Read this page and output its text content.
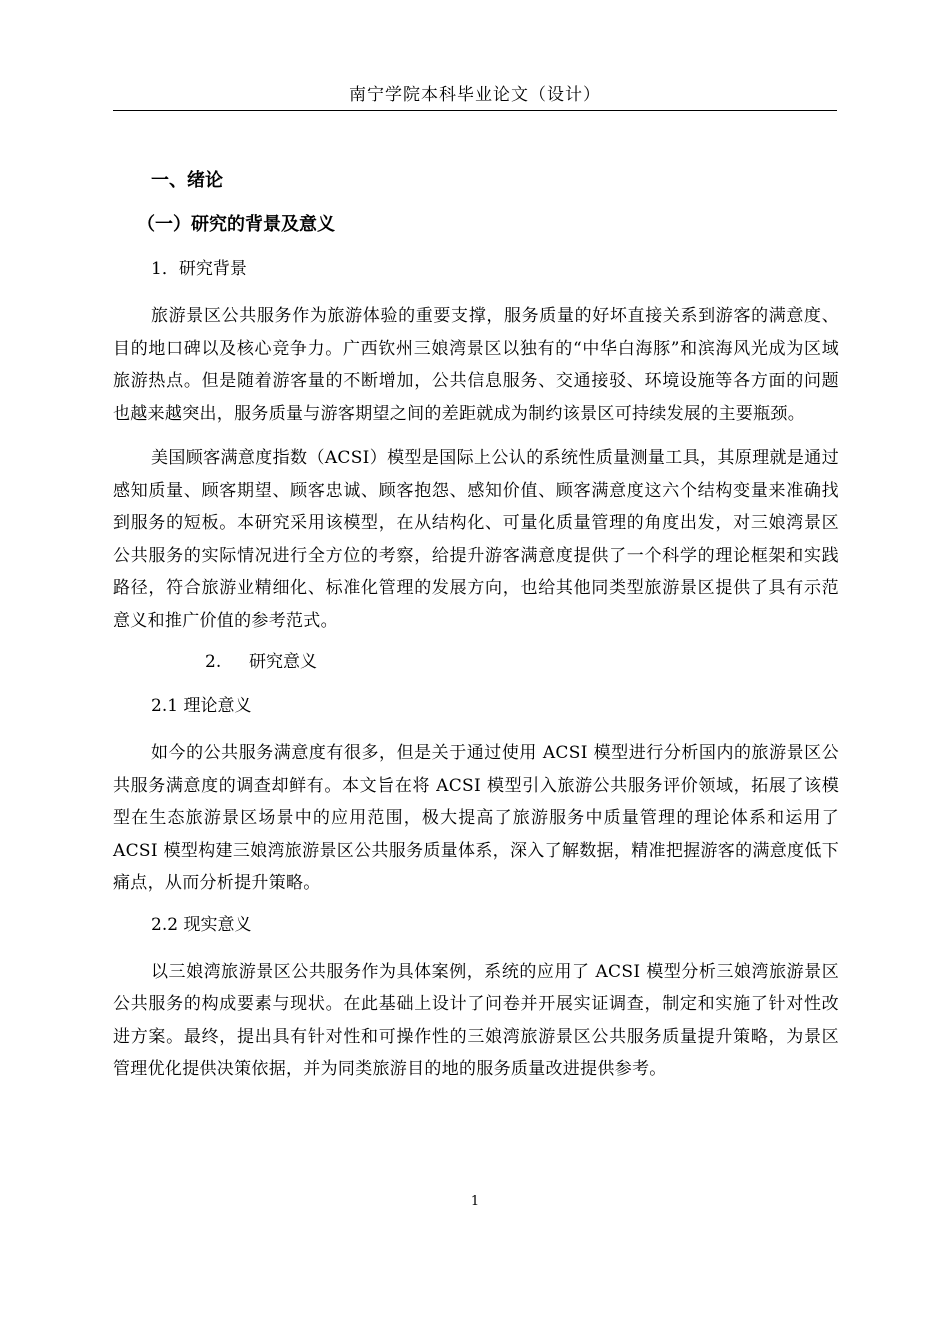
南宁学院本科毕业论文（设计）
一、绪论
（一）研究的背景及意义
1．研究背景

旅游景区公共服务作为旅游体验的重要支撑，服务质量的好坏直接关系到游客的满意度、目的地口碑以及核心竞争力。广西钦州三娘湾景区以独有的“中华白海豚”和滨海风光成为区域旅游热点。但是随着游客量的不断增加，公共信息服务、交通接驳、环境设施等各方面的问题也越来越突出，服务质量与游客期望之间的差距就成为制约该景区可持续发展的主要瓶颈。

美国顾客满意度指数（ACSI）模型是国际上公认的系统性质量测量工具，其原理就是通过感知质量、顾客期望、顾客忠诚、顾客抱怨、感知价值、顾客满意度这六个结构变量来准确找到服务的短板。本研究采用该模型，在从结构化、可量化质量管理的角度出发，对三娘湾景区公共服务的实际情况进行全方位的考察，给提升游客满意度提供了一个科学的理论框架和实践路径，符合旅游业精细化、标准化管理的发展方向，也给其他同类型旅游景区提供了具有示范意义和推广价值的参考范式。

2. 研究意义
2.1 理论意义

如今的公共服务满意度有很多，但是关于通过使用 ACSI 模型进行分析国内的旅游景区公共服务满意度的调查却鲜有。本文旨在将 ACSI 模型引入旅游公共服务评价领域，拓展了该模型在生态旅游景区场景中的应用范围，极大提高了旅游服务中质量管理的理论体系和运用了 ACSI 模型构建三娘湾旅游景区公共服务质量体系，深入了解数据，精准把握游客的满意度低下痛点，从而分析提升策略。

2.2 现实意义

以三娘湾旅游景区公共服务作为具体案例，系统的应用了 ACSI 模型分析三娘湾旅游景区公共服务的构成要素与现状。在此基础上设计了问卷并开展实证调查，制定和实施了针对性改进方案。最终，提出具有针对性和可操作性的三娘湾旅游景区公共服务质量提升策略，为景区管理优化提供决策依据，并为同类旅游目的地的服务质量改进提供参考。

1
